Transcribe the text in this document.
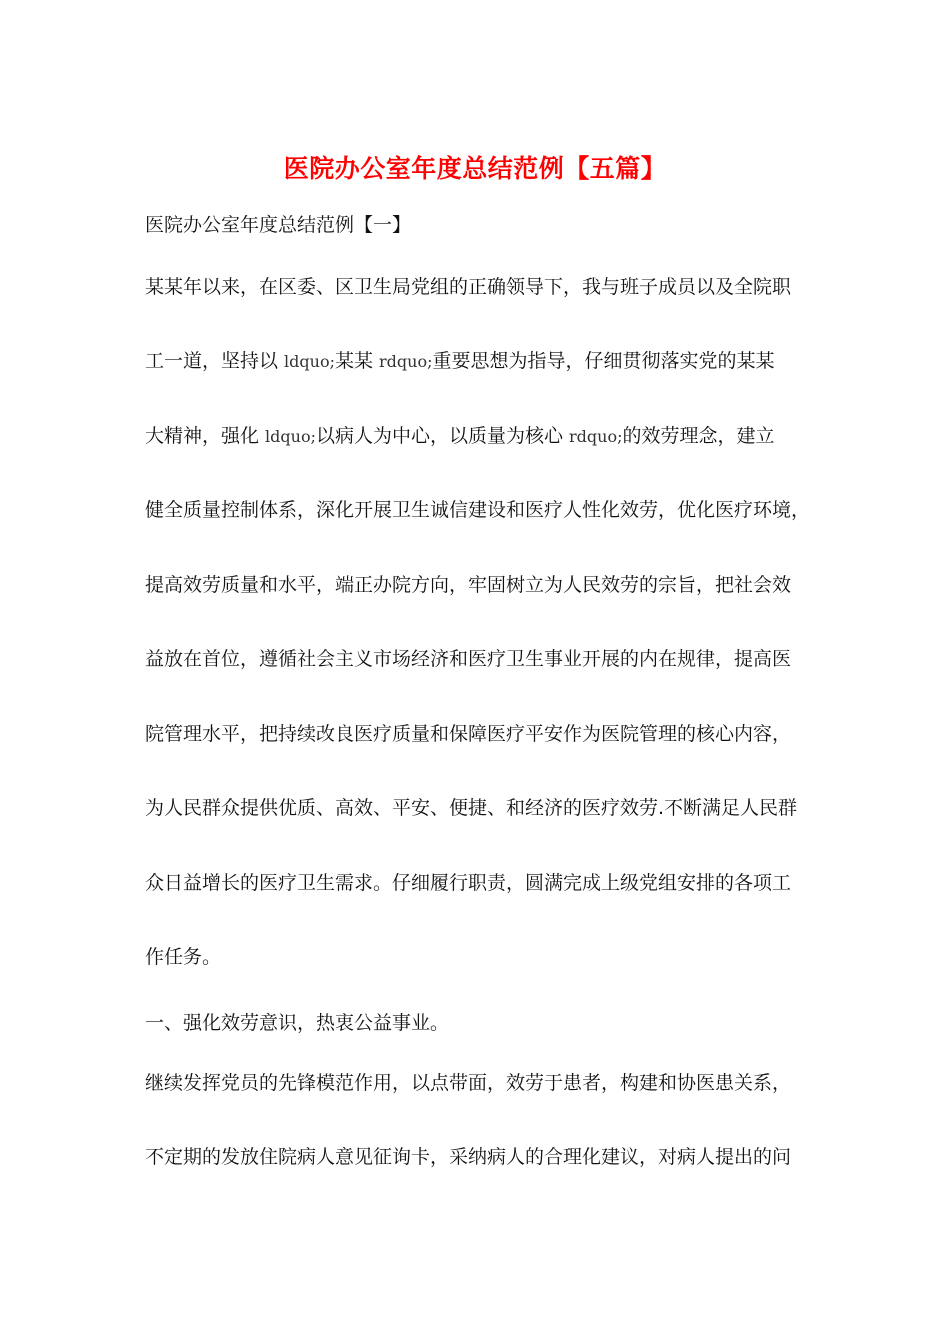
医院办公室年度总结范例【五篇】
医院办公室年度总结范例【一】
某某年以来，在区委、区卫生局党组的正确领导下，我与班子成员以及全院职
工一道，坚持以 ldquo;某某 rdquo;重要思想为指导，仔细贯彻落实党的某某
大精神，强化 ldquo;以病人为中心，以质量为核心 rdquo;的效劳理念，建立
健全质量控制体系，深化开展卫生诚信建设和医疗人性化效劳，优化医疗环境，
提高效劳质量和水平，端正办院方向，牢固树立为人民效劳的宗旨，把社会效
益放在首位，遵循社会主义市场经济和医疗卫生事业开展的内在规律，提高医
院管理水平，把持续改良医疗质量和保障医疗平安作为医院管理的核心内容，
为人民群众提供优质、高效、平安、便捷、和经济的医疗效劳.不断满足人民群
众日益增长的医疗卫生需求。仔细履行职责，圆满完成上级党组安排的各项工
作任务。
一、强化效劳意识，热衷公益事业。
继续发挥党员的先锋模范作用，以点带面，效劳于患者，构建和协医患关系，
不定期的发放住院病人意见征询卡，采纳病人的合理化建议，对病人提出的问
